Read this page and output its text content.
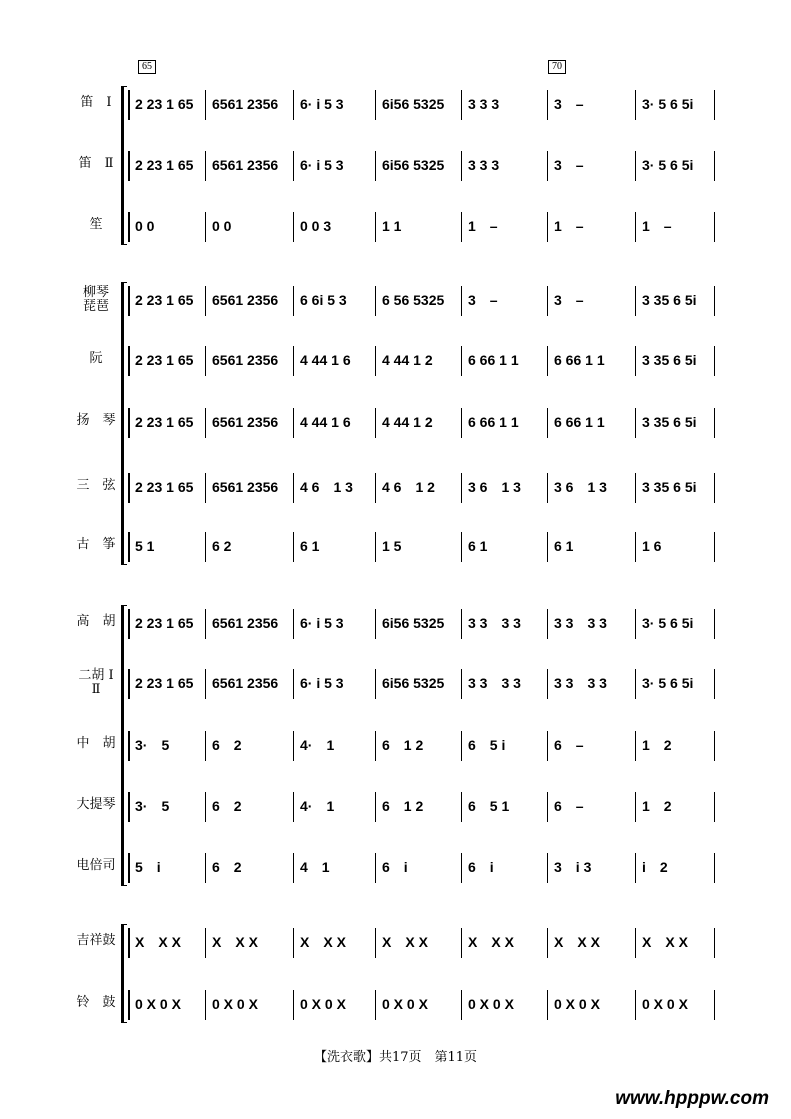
笛　Ⅰ	2 23 1 65	6561 2356	6· i 5 3	6i56 5325	3 3 3	3　–	3· 5 6 5i
笛　Ⅱ	2 23 1 65	6561 2356	6· i 5 3	6i56 5325	3 3 3	3　–	3· 5 6 5i
笙	0 0	0 0	0 0 3	1 1	1　–	1　–	1　–
柳琴
琵琶	2 23 1 65	6561 2356	6 6i 5 3	6 56 5325	3　–	3　–	3 35 6 5i
阮	2 23 1 65	6561 2356	4 44 1 6	4 44 1 2	6 66 1 1	6 66 1 1	3 35 6 5i
扬　琴	2 23 1 65	6561 2356	4 44 1 6	4 44 1 2	6 66 1 1	6 66 1 1	3 35 6 5i
三　弦	2 23 1 65	6561 2356	4 6　1 3	4 6　1 2	3 6　1 3	3 6　1 3	3 35 6 5i
古　筝	5 1	6 2	6 1	1 5	6 1	6 1	1 6
高　胡	2 23 1 65	6561 2356	6· i 5 3	6i56 5325	3 3　3 3	3 3　3 3	3· 5 6 5i
二胡 Ⅰ
Ⅱ	2 23 1 65	6561 2356	6· i 5 3	6i56 5325	3 3　3 3	3 3　3 3	3· 5 6 5i
中　胡	3·　5	6　2	4·　1	6　1 2	6　5 i	6　–	1　2
大提琴	3·　5	6　2	4·　1	6　1 2	6　5 1	6　–	1　2
电倍司	5　i	6　2	4　1	6　i	6　i	3　i 3	i　2
吉祥鼓	X　X X	X　X X	X　X X	X　X X	X　X X	X　X X	X　X X
铃　鼓	0 X 0 X	0 X 0 X	0 X 0 X	0 X 0 X	0 X 0 X	0 X 0 X	0 X 0 X
65	70
【洗衣歌】共17页　第11页
www.hpppw.com
